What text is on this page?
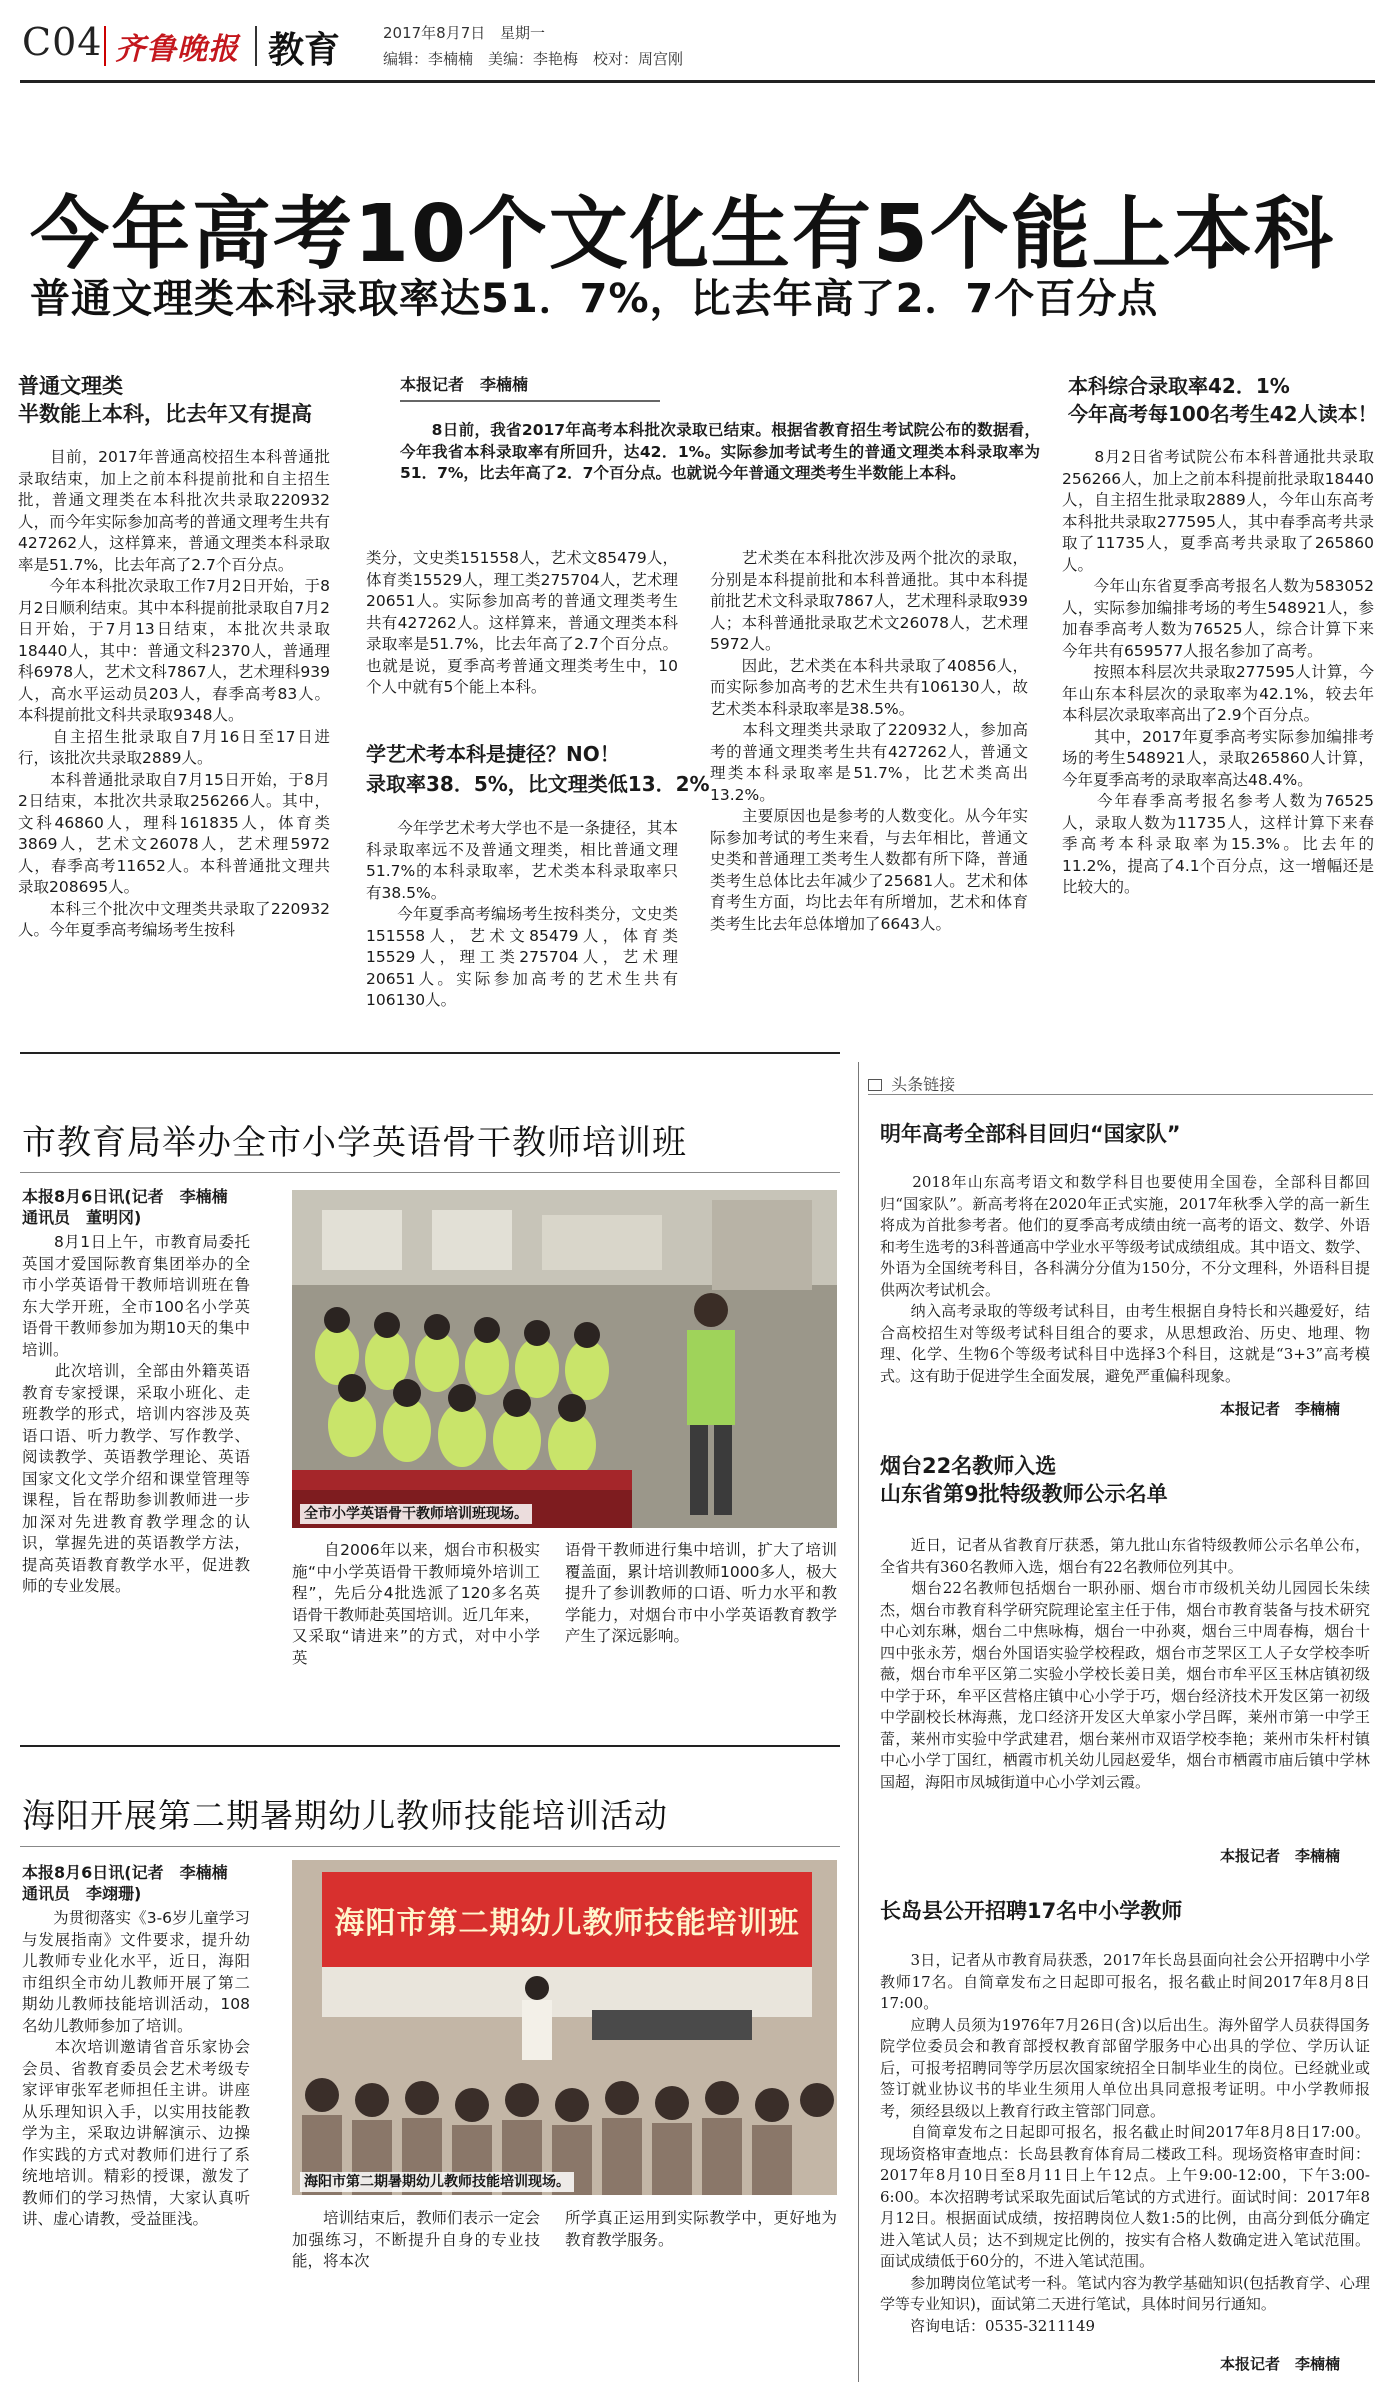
C04 齐鲁晚报 教育	2017年8月7日 星期一
编辑：李楠楠　美编：李艳梅　校对：周宫刚
今年高考10个文化生有5个能上本科
普通文理类本科录取率达51．7%，比去年高了2．7个百分点
普通文理类
半数能上本科，比去年又有提高
　　目前，2017年普通高校招生本科普通批录取结束，加上之前本科提前批和自主招生批，普通文理类在本科批次共录取220932人，而今年实际参加高考的普通文理考生共有427262人，这样算来，普通文理类本科录取率是51.7%，比去年高了2.7个百分点。
　　今年本科批次录取工作7月2日开始，于8月2日顺利结束。其中本科提前批录取自7月2日开始，于7月13日结束，本批次共录取18440人，其中：普通文科2370人，普通理科6978人，艺术文科7867人，艺术理科939人，高水平运动员203人，春季高考83人。本科提前批文科共录取9348人。
　　自主招生批录取自7月16日至17日进行，该批次共录取2889人。
　　本科普通批录取自7月15日开始，于8月2日结束，本批次共录取256266人。其中，文科46860人，理科161835人，体育类3869人，艺术文26078人，艺术理5972人，春季高考11652人。本科普通批文理共录取208695人。
　　本科三个批次中文理类共录取了220932人。今年夏季高考编场考生按科
本报记者　李楠楠
　　8日前，我省2017年高考本科批次录取已结束。根据省教育招生考试院公布的数据看，今年我省本科录取率有所回升，达42．1%。实际参加考试考生的普通文理类本科录取率为51．7%，比去年高了2．7个百分点。也就说今年普通文理类考生半数能上本科。
类分，文史类151558人，艺术文85479人，体育类15529人，理工类275704人，艺术理20651人。实际参加高考的普通文理类考生共有427262人。这样算来，普通文理类本科录取率是51.7%，比去年高了2.7个百分点。也就是说，夏季高考普通文理类考生中，10个人中就有5个能上本科。
学艺术考本科是捷径？NO！
录取率38．5%，比文理类低13．2%
　　今年学艺术考大学也不是一条捷径，其本科录取率远不及普通文理类，相比普通文理51.7%的本科录取率，艺术类本科录取率只有38.5%。
　　今年夏季高考编场考生按科类分，文史类151558人，艺术文85479人，体育类15529人，理工类275704人，艺术理20651人。实际参加高考的艺术生共有106130人。
　　艺术类在本科批次涉及两个批次的录取，分别是本科提前批和本科普通批。其中本科提前批艺术文科录取7867人，艺术理科录取939人；本科普通批录取艺术文26078人，艺术理5972人。
　　因此，艺术类在本科共录取了40856人，而实际参加高考的艺术生共有106130人，故艺术类本科录取率是38.5%。
　　本科文理类共录取了220932人，参加高考的普通文理类考生共有427262人，普通文理类本科录取率是51.7%，比艺术类高出13.2%。
　　主要原因也是参考的人数变化。从今年实际参加考试的考生来看，与去年相比，普通文史类和普通理工类考生人数都有所下降，普通类考生总体比去年减少了25681人。艺术和体育考生方面，均比去年有所增加，艺术和体育类考生比去年总体增加了6643人。
本科综合录取率42．1%
今年高考每100名考生42人读本！
　　8月2日省考试院公布本科普通批共录取256266人，加上之前本科提前批录取18440人，自主招生批录取2889人，今年山东高考本科批共录取277595人，其中春季高考共录取了11735人，夏季高考共录取了265860人。
　　今年山东省夏季高考报名人数为583052人，实际参加编排考场的考生548921人，参加春季高考人数为76525人，综合计算下来今年共有659577人报名参加了高考。
　　按照本科层次共录取277595人计算，今年山东本科层次的录取率为42.1%，较去年本科层次录取率高出了2.9个百分点。
　　其中，2017年夏季高考实际参加编排考场的考生548921人，录取265860人计算，今年夏季高考的录取率高达48.4%。
　　今年春季高考报名参考人数为76525人，录取人数为11735人，这样计算下来春季高考本科录取率为15.3%。比去年的11.2%，提高了4.1个百分点，这一增幅还是比较大的。
市教育局举办全市小学英语骨干教师培训班
本报8月6日讯(记者　李楠楠　通讯员　董明冈)
　　8月1日上午，市教育局委托英国才爱国际教育集团举办的全市小学英语骨干教师培训班在鲁东大学开班，全市100名小学英语骨干教师参加为期10天的集中培训。
　　此次培训，全部由外籍英语教育专家授课，采取小班化、走班教学的形式，培训内容涉及英语口语、听力教学、写作教学、阅读教学、英语教学理论、英语国家文化文学介绍和课堂管理等课程，旨在帮助参训教师进一步加深对先进教育教学理念的认识，掌握先进的英语教学方法，提高英语教育教学水平，促进教师的专业发展。
全市小学英语骨干教师培训班现场。
　　自2006年以来，烟台市积极实施“中小学英语骨干教师境外培训工程”，先后分4批选派了120多名英语骨干教师赴英国培训。近几年来，又采取“请进来”的方式，对中小学英
语骨干教师进行集中培训，扩大了培训覆盖面，累计培训教师1000多人，极大提升了参训教师的口语、听力水平和教学能力，对烟台市中小学英语教育教学产生了深远影响。
海阳开展第二期暑期幼儿教师技能培训活动
本报8月6日讯(记者　李楠楠　通讯员　李翊珊)
　　为贯彻落实《3-6岁儿童学习与发展指南》文件要求，提升幼儿教师专业化水平，近日，海阳市组织全市幼儿教师开展了第二期幼儿教师技能培训活动，108名幼儿教师参加了培训。
　　本次培训邀请省音乐家协会会员、省教育委员会艺术考级专家评审张军老师担任主讲。讲座从乐理知识入手，以实用技能教学为主，采取边讲解演示、边操作实践的方式对教师们进行了系统地培训。精彩的授课，激发了教师们的学习热情，大家认真听讲、虚心请教，受益匪浅。
海阳市第二期幼儿教师技能培训班
海阳市第二期暑期幼儿教师技能培训现场。
　　培训结束后，教师们表示一定会加强练习，不断提升自身的专业技能，将本次
所学真正运用到实际教学中，更好地为教育教学服务。
头条链接
明年高考全部科目回归“国家队”
　　2018年山东高考语文和数学科目也要使用全国卷，全部科目都回归“国家队”。新高考将在2020年正式实施，2017年秋季入学的高一新生将成为首批参考者。他们的夏季高考成绩由统一高考的语文、数学、外语和考生选考的3科普通高中学业水平等级考试成绩组成。其中语文、数学、外语为全国统考科目，各科满分分值为150分，不分文理科，外语科目提供两次考试机会。
　　纳入高考录取的等级考试科目，由考生根据自身特长和兴趣爱好，结合高校招生对等级考试科目组合的要求，从思想政治、历史、地理、物理、化学、生物6个等级考试科目中选择3个科目，这就是“3+3”高考模式。这有助于促进学生全面发展，避免严重偏科现象。
本报记者　李楠楠
烟台22名教师入选
山东省第9批特级教师公示名单
　　近日，记者从省教育厅获悉，第九批山东省特级教师公示名单公布，全省共有360名教师入选，烟台有22名教师位列其中。
　　烟台22名教师包括烟台一职孙丽、烟台市市级机关幼儿园园长朱续杰，烟台市教育科学研究院理论室主任于伟，烟台市教育装备与技术研究中心刘东琳，烟台二中焦咏梅，烟台一中孙爽，烟台三中周春梅，烟台十四中张永芳，烟台外国语实验学校程政，烟台市芝罘区工人子女学校李听薇，烟台市牟平区第二实验小学校长姜日美，烟台市牟平区玉林店镇初级中学于环，牟平区营格庄镇中心小学于巧，烟台经济技术开发区第一初级中学副校长林海燕，龙口经济开发区大单家小学吕晖，莱州市第一中学王蕾，莱州市实验中学武建君，烟台莱州市双语学校李艳；莱州市朱杆村镇中心小学丁国红，栖霞市机关幼儿园赵爱华，烟台市栖霞市庙后镇中学林国超，海阳市凤城街道中心小学刘云霞。
本报记者　李楠楠
长岛县公开招聘17名中小学教师
　　3日，记者从市教育局获悉，2017年长岛县面向社会公开招聘中小学教师17名。自简章发布之日起即可报名，报名截止时间2017年8月8日17:00。
　　应聘人员须为1976年7月26日(含)以后出生。海外留学人员获得国务院学位委员会和教育部授权教育部留学服务中心出具的学位、学历认证后，可报考招聘同等学历层次国家统招全日制毕业生的岗位。已经就业或签订就业协议书的毕业生须用人单位出具同意报考证明。中小学教师报考，须经县级以上教育行政主管部门同意。
　　自简章发布之日起即可报名，报名截止时间2017年8月8日17:00。现场资格审查地点：长岛县教育体育局二楼政工科。现场资格审查时间：2017年8月10日至8月11日上午12点。上午9:00-12:00，下午3:00-6:00。本次招聘考试采取先面试后笔试的方式进行。面试时间：2017年8月12日。根据面试成绩，按招聘岗位人数1:5的比例，由高分到低分确定进入笔试人员；达不到规定比例的，按实有合格人数确定进入笔试范围。面试成绩低于60分的，不进入笔试范围。
　　参加聘岗位笔试考一科。笔试内容为教学基础知识(包括教育学、心理学等专业知识)，面试第二天进行笔试，具体时间另行通知。
　　咨询电话：0535-3211149
本报记者　李楠楠
